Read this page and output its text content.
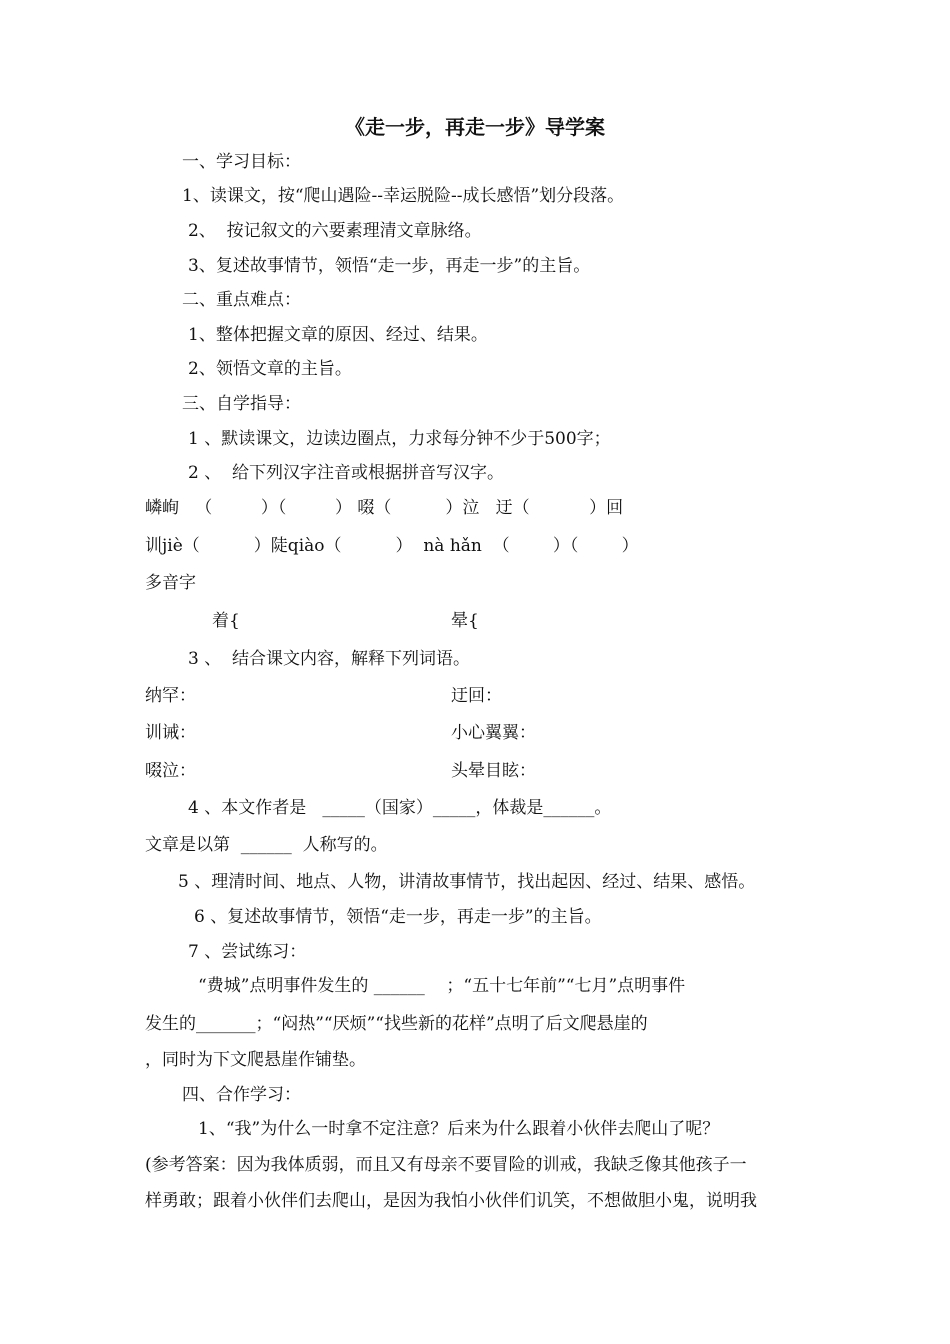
《走一步，再走一步》导学案
一、学习目标：
1、读课文，按“爬山遇险--幸运脱险--成长感悟”划分段落。
2、  按记叙文的六要素理清文章脉络。
3、复述故事情节，领悟“走一步，再走一步”的主旨。
二、重点难点：
1、整体把握文章的原因、经过、结果。
2、领悟文章的主旨。
三、自学指导：
1 、默读课文，边读边圈点，力求每分钟不少于500字；
2 、  给下列汉字注音或根据拼音写汉字。
嶙峋   （         ）（         ） 啜（          ）泣   迂（           ）回
训jiè（          ）陡qiào（          ）  nà hǎn  （        ）（        ）
多音字
着{	晕{
3 、  结合课文内容，解释下列词语。
纳罕：	迂回：
训诫：	小心翼翼：
啜泣：	头晕目眩：
4 、本文作者是   _____（国家）_____，体裁是______。
文章是以第  ______  人称写的。
5 、理清时间、地点、人物，讲清故事情节，找出起因、经过、结果、感悟。
6 、复述故事情节，领悟“走一步，再走一步”的主旨。
7 、尝试练习：
“费城”点明事件发生的 ______    ；“五十七年前”“七月”点明事件
发生的_______；“闷热”“厌烦”“找些新的花样”点明了后文爬悬崖的
，同时为下文爬悬崖作铺垫。
四、合作学习：
1、“我”为什么一时拿不定注意？后来为什么跟着小伙伴去爬山了呢？
(参考答案：因为我体质弱，而且又有母亲不要冒险的训戒，我缺乏像其他孩子一
样勇敢；跟着小伙伴们去爬山，是因为我怕小伙伴们讥笑，不想做胆小鬼，说明我
